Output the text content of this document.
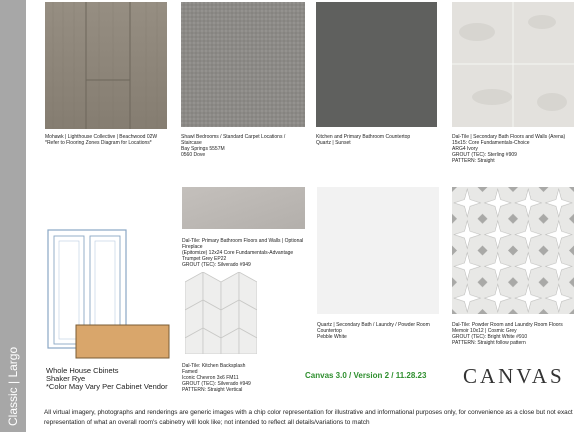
Classic | Largo
Mohawk | Lighthouse Collective | Beachwood 02W
*Refer to Flooring Zones Diagram for Locations*
Shawl Bedrooms / Standard Carpet Locations / Staircase
Bay Springs 5557M
0560 Dove
Kitchen and Primary Bathroom Countertop
Quartz | Sunset
Dal-Tile | Secondary Bath Floors and Walls (Arena) 15x15: Core Fundamentals-Choice
ARG4 Ivory
GROUT (TEC): Sterling #909
PATTERN: Straight
Dal-Tile: Primary Bathroom Floors and Walls | Optional Fireplace
(Epitomize) 12x24 Core Fundamentals-Advantage
Trumpet Grey EP22
GROUT (TEC): Silverado #949
Dal-Tile: Kitchen Backsplash
Famed
Iconic Chevron 3x6 FM11
GROUT (TEC): Silverado #949
PATTERN: Straight Vertical
Quartz | Secondary Bath / Laundry / Powder Room Countertop
Pebble White
Dal-Tile: Powder Room and Laundry Room Floors
Memoir 10x12 | Cosmic Grey
GROUT (TEC): Bright White #910
PATTERN: Straight follow pattern
Whole House Cbinets
Shaker Rye
*Color May Vary Per Cabinet Vendor
Canvas 3.0 / Version 2 / 11.28.23 CANVAS
All virtual imagery, photographs and renderings are generic images with a chip color representation for illustrative and informational purposes only, for convenience as a close but not exact representation of what an overall room's cabinetry will look like; not intended to reflect all details/variations to match
